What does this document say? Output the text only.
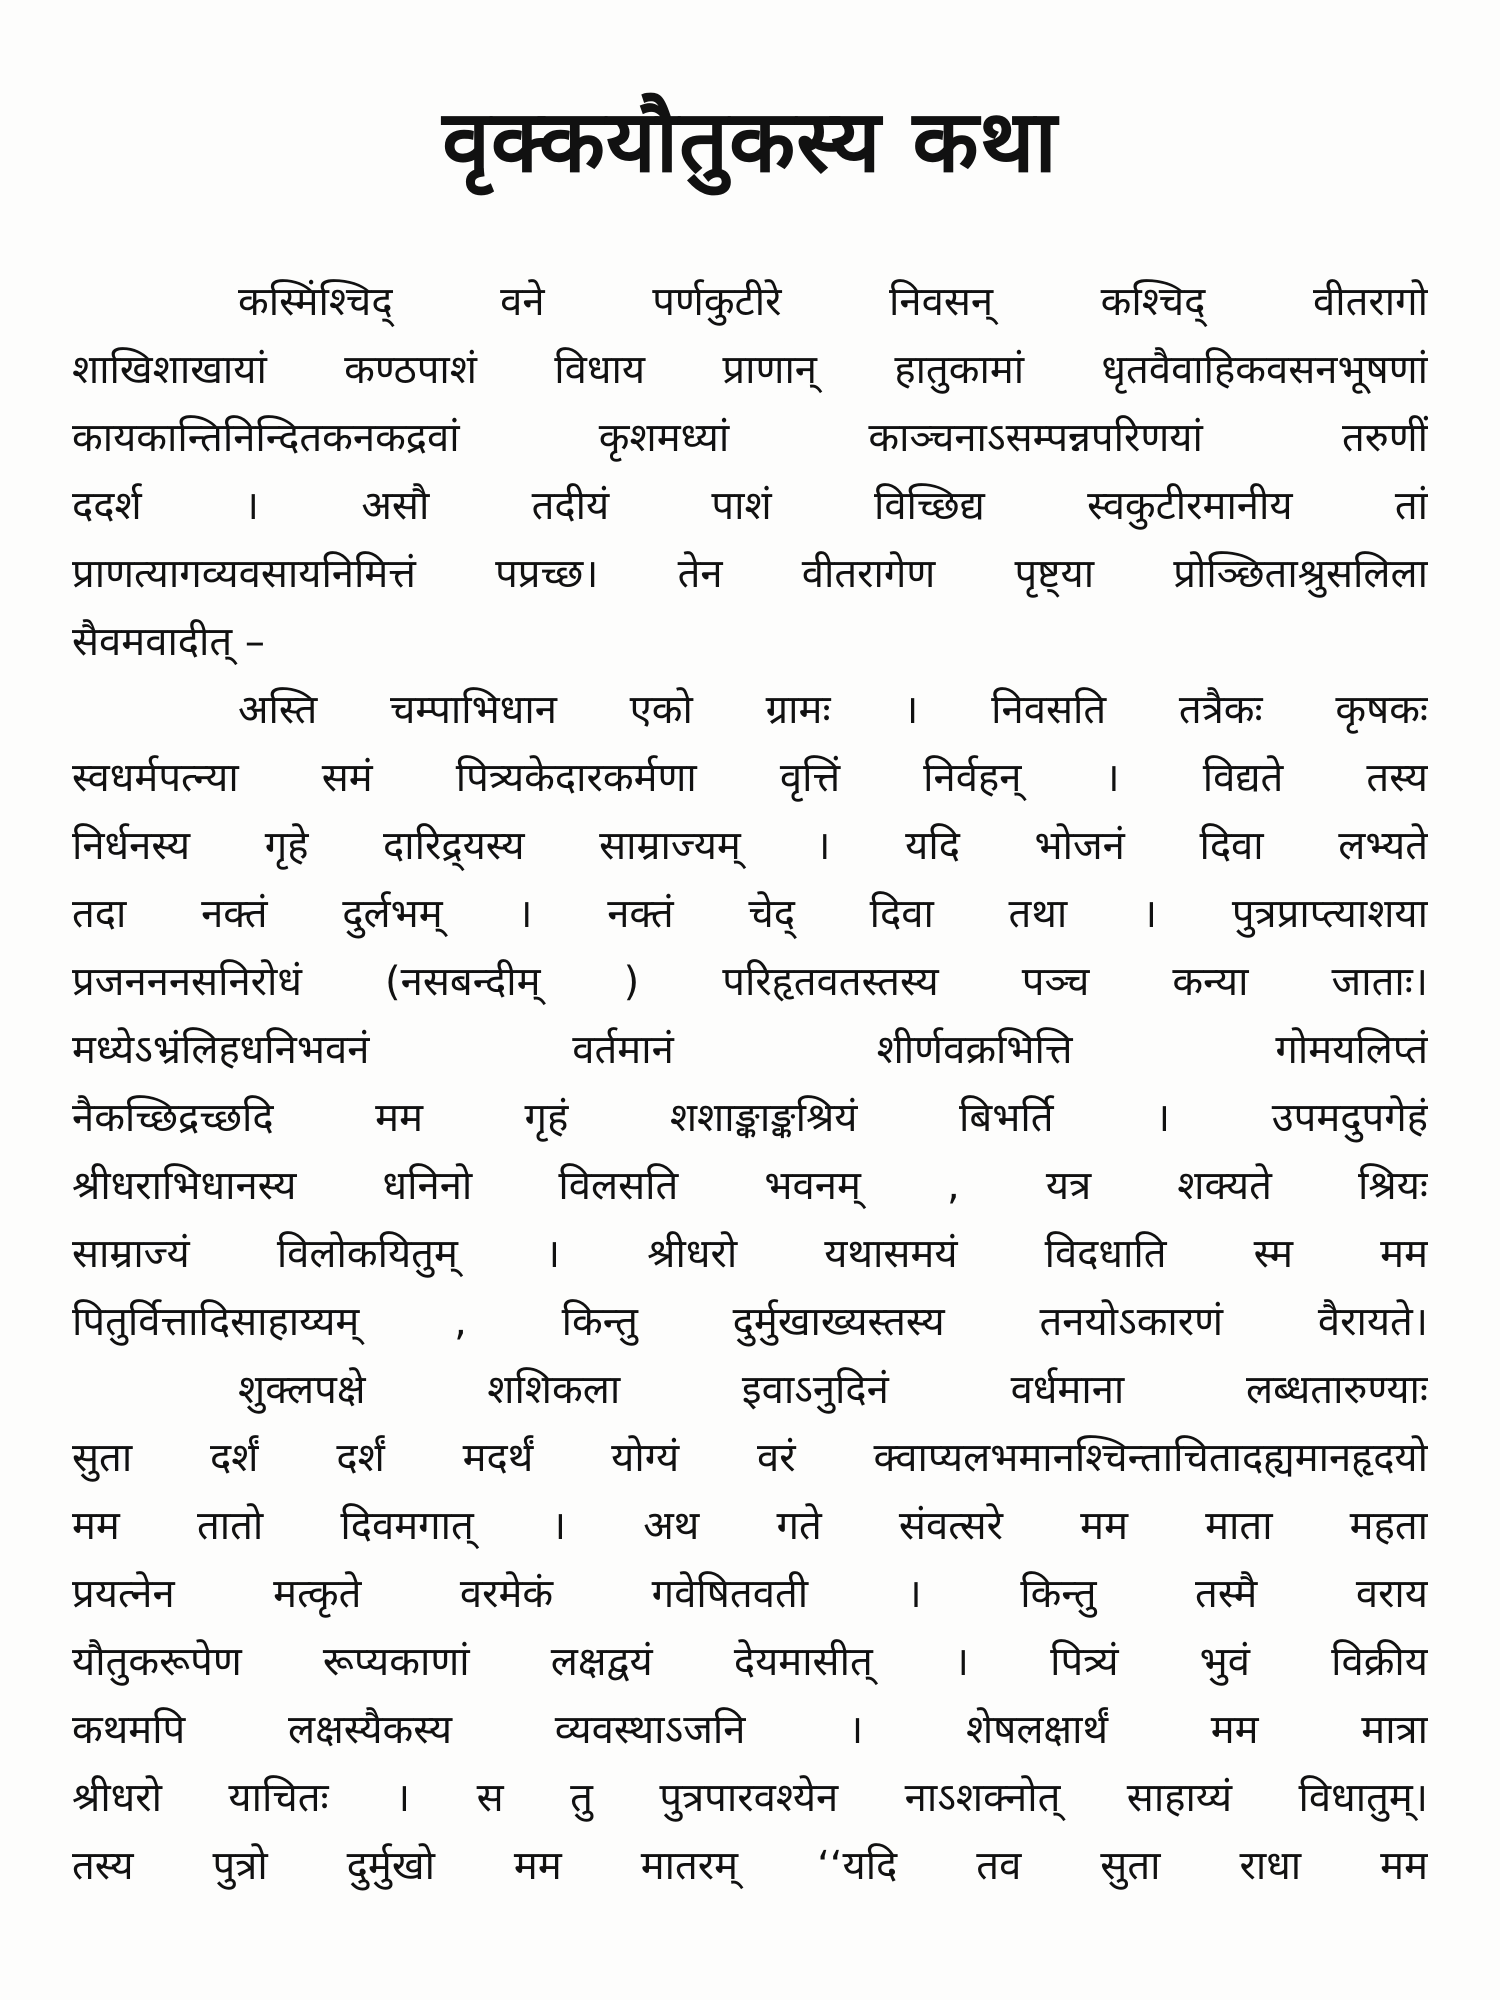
वृक्कयौतुकस्य कथा
कस्मिंश्चिद् वने पर्णकुटीरे निवसन् कश्चिद् वीतरागो
शाखिशाखायां कण्ठपाशं विधाय प्राणान् हातुकामां धृतवैवाहिकवसनभूषणां
कायकान्तिनिन्दितकनकद्रवां कृशमध्यां काञ्चनाऽसम्पन्नपरिणयां तरुणीं
ददर्श । असौ तदीयं पाशं विच्छिद्य स्वकुटीरमानीय तां
प्राणत्यागव्यवसायनिमित्तं पप्रच्छ। तेन वीतरागेण पृष्ट्या प्रोञ्छिताश्रुसलिला
सैवमवादीत् –
अस्ति चम्पाभिधान एको ग्रामः । निवसति तत्रैकः कृषकः
स्वधर्मपत्न्या समं पित्र्यकेदारकर्मणा वृत्तिं निर्वहन् । विद्यते तस्य
निर्धनस्य गृहे दारिद्र्यस्य साम्राज्यम् । यदि भोजनं दिवा लभ्यते
तदा नक्तं दुर्लभम् । नक्तं चेद् दिवा तथा । पुत्रप्राप्त्याशया
प्रजनननसनिरोधं (नसबन्दीम् ) परिहृतवतस्तस्य पञ्च कन्या जाताः।
मध्येऽभ्रंलिहधनिभवनं वर्तमानं शीर्णवक्रभित्ति गोमयलिप्तं
नैकच्छिद्रच्छदि मम गृहं शशाङ्काङ्कश्रियं बिभर्ति । उपमदुपगेहं
श्रीधराभिधानस्य धनिनो विलसति भवनम् , यत्र शक्यते श्रियः
साम्राज्यं विलोकयितुम् । श्रीधरो यथासमयं विदधाति स्म मम
पितुर्वित्तादिसाहाय्यम् , किन्तु दुर्मुखाख्यस्तस्य तनयोऽकारणं वैरायते।
शुक्लपक्षे शशिकला इवाऽनुदिनं वर्धमाना लब्धतारुण्याः
सुता दर्शं दर्शं मदर्थं योग्यं वरं क्वाप्यलभमानश्चिन्ताचितादह्यमानहृदयो
मम तातो दिवमगात् । अथ गते संवत्सरे मम माता महता
प्रयत्नेन मत्कृते वरमेकं गवेषितवती । किन्तु तस्मै वराय
यौतुकरूपेण रूप्यकाणां लक्षद्वयं देयमासीत् । पित्र्यं भुवं विक्रीय
कथमपि लक्षस्यैकस्य व्यवस्थाऽजनि । शेषलक्षार्थं मम मात्रा
श्रीधरो याचितः । स तु पुत्रपारवश्येन नाऽशक्नोत् साहाय्यं विधातुम्।
तस्य पुत्रो दुर्मुखो मम मातरम् ‘‘यदि तव सुता राधा मम
